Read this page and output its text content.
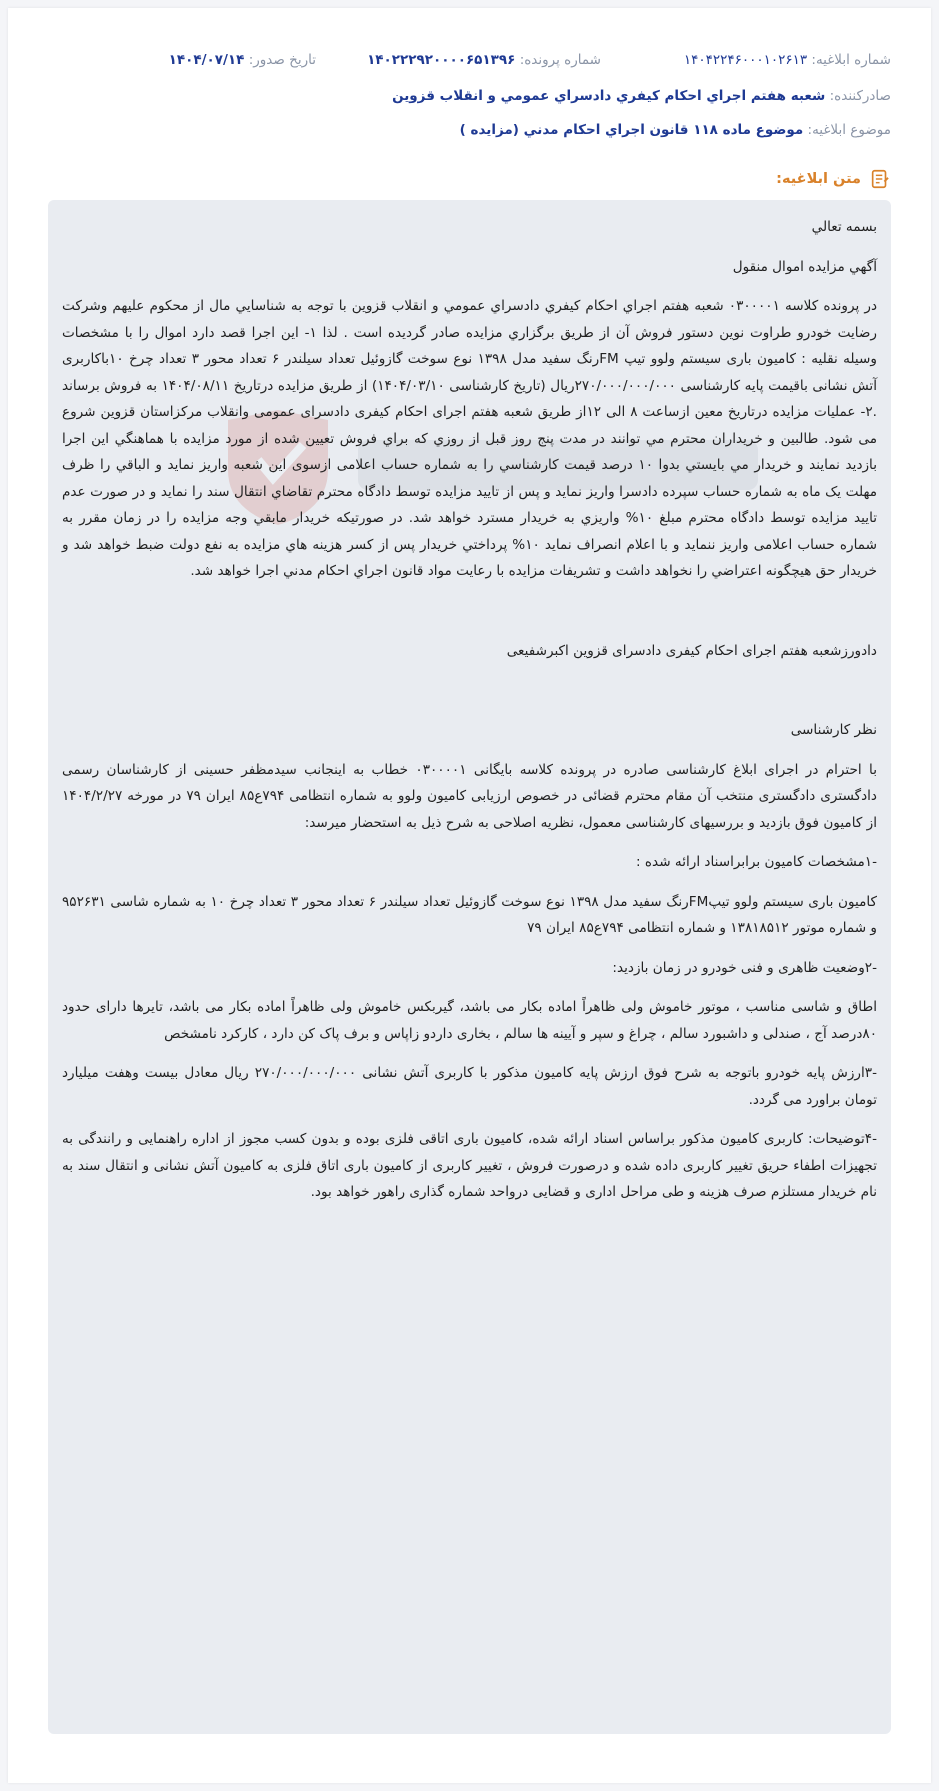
شماره ابلاغیه: ۱۴۰۴۲۲۴۶۰۰۰۱۰۲۶۱۳
شماره پرونده: ۱۴۰۲۲۲۹۲۰۰۰۰۶۵۱۳۹۶
تاریخ صدور: ۱۴۰۴/۰۷/۱۴
صادرکننده: شعبه هفتم اجراي احكام كيفري دادسراي عمومي و انقلاب قزوين
موضوع ابلاغیه: موضوع ماده ۱۱۸ قانون اجراي احكام مدني (مزايده )
متن ابلاغیه:

بسمه تعالي

آگهي مزايده اموال منقول

در پرونده كلاسه ۰۳۰۰۰۰۱ شعبه هفتم اجراي احكام كيفري دادسراي عمومي و انقلاب قزوين با توجه به شناسايي مال از محكوم عليهم وشركت رضايت خودرو طراوت نوين دستور فروش آن از طريق برگزاري مزايده صادر گرديده است . لذا ۱- اين اجرا قصد دارد اموال را با مشخصات وسيله نقليه : کامیون باری سیستم ولوو تیپ FMرنگ سفید مدل ۱۳۹۸ نوع سوخت گازوئیل تعداد سیلندر ۶ تعداد محور ۳ تعداد چرخ ۱۰باکاربری آتش نشانی باقیمت پایه کارشناسی ۲۷۰/۰۰۰/۰۰۰/۰۰۰ریال (تاریخ کارشناسی ۱۴۰۴/۰۳/۱۰) از طريق مزايده درتاريخ ۱۴۰۴/۰۸/۱۱ به فروش برساند .۲- عمليات مزايده درتاريخ معين ازساعت ۸ الی ۱۲از طريق شعبه هفتم اجرای احکام کیفری دادسرای عمومی وانقلاب مرکزاستان قزوین شروع می شود. طالبين و خريداران محترم مي توانند در مدت پنج روز قبل از روزي كه براي فروش تعيين شده از مورد مزايده با هماهنگي اين اجرا بازديد نمايند و خريدار مي بايستي بدوا ۱۰ درصد قيمت كارشناسي را به شماره حساب اعلامی ازسوی این شعبه واريز نمايد و الباقي را ظرف مهلت یک ماه به شماره حساب سپرده دادسرا واريز نمايد و پس از تاييد مزايده توسط دادگاه محترم تقاضاي انتقال سند را نمايد و در صورت عدم تاييد مزايده توسط دادگاه محترم مبلغ ۱۰% واريزي به خريدار مسترد خواهد شد. در صورتيكه خريدار مابقي وجه مزايده را در زمان مقرر به شماره حساب اعلامی واريز ننمايد و با اعلام انصراف نمايد ۱۰% پرداختي خريدار پس از كسر هزينه هاي مزايده به نفع دولت ضبط خواهد شد و خريدار حق هيچگونه اعتراضي را نخواهد داشت و تشريفات مزايده با رعايت مواد قانون اجراي احكام مدني اجرا خواهد شد.

دادورزشعبه هفتم اجرای احکام کیفری دادسرای قزوین اکبرشفیعی

نظر کارشناسی

با احترام در اجرای ابلاغ کارشناسی صادره در پرونده کلاسه بایگانی ۰۳۰۰۰۰۱ خطاب به اینجانب سیدمظفر حسینی از کارشناسان رسمی دادگستری دادگستری منتخب آن مقام محترم قضائی در خصوص ارزیابی کامیون ولوو به شماره انتظامی ۷۹۴ع۸۵ ایران ۷۹ در مورخه ۱۴۰۴/۲/۲۷ از کامیون فوق بازدید و بررسیهای کارشناسی معمول، نظریه اصلاحی به شرح ذیل به استحضار میرسد:

-۱مشخصات کامیون برابراسناد ارائه شده :

کامیون باری سیستم ولوو تیپFMرنگ سفید مدل ۱۳۹۸ نوع سوخت گازوئیل تعداد سیلندر ۶ تعداد محور ۳ تعداد چرخ ۱۰ به شماره شاسی ۹۵۲۶۳۱ و شماره موتور ۱۳۸۱۸۵۱۲ و شماره انتظامی ۷۹۴ع۸۵ ایران ۷۹

-۲وضعیت ظاهری و فنی خودرو در زمان بازدید:

اطاق و شاسی مناسب ، موتور خاموش ولی ظاهراً اماده بکار می باشد، گیربکس خاموش ولی ظاهراً اماده بکار می باشد، تایرها دارای حدود ۸۰درصد آج ، صندلی و داشبورد سالم ، چراغ و سپر و آیینه ها سالم ، بخاری داردو زاپاس و برف پاک کن دارد ، کارکرد نامشخص

-۳ارزش پایه خودرو باتوجه به شرح فوق ارزش پایه کامیون مذکور با کاربری آتش نشانی ۲۷۰/۰۰۰/۰۰۰/۰۰۰ ریال معادل بیست وهفت میلیارد تومان براورد می گردد.

-۴توضیحات: کاربری کامیون مذکور براساس اسناد ارائه شده، کامیون باری اتاقی فلزی بوده و بدون کسب مجوز از اداره راهنمایی و رانندگی به تجهیزات اطفاء حریق تغییر کاربری داده شده و درصورت فروش ، تغییر کاربری از کامیون باری اتاق فلزی به کامیون آتش نشانی و انتقال سند به نام خریدار مستلزم صرف هزینه و طی مراحل اداری و قضایی درواحد شماره گذاری راهور خواهد بود.
